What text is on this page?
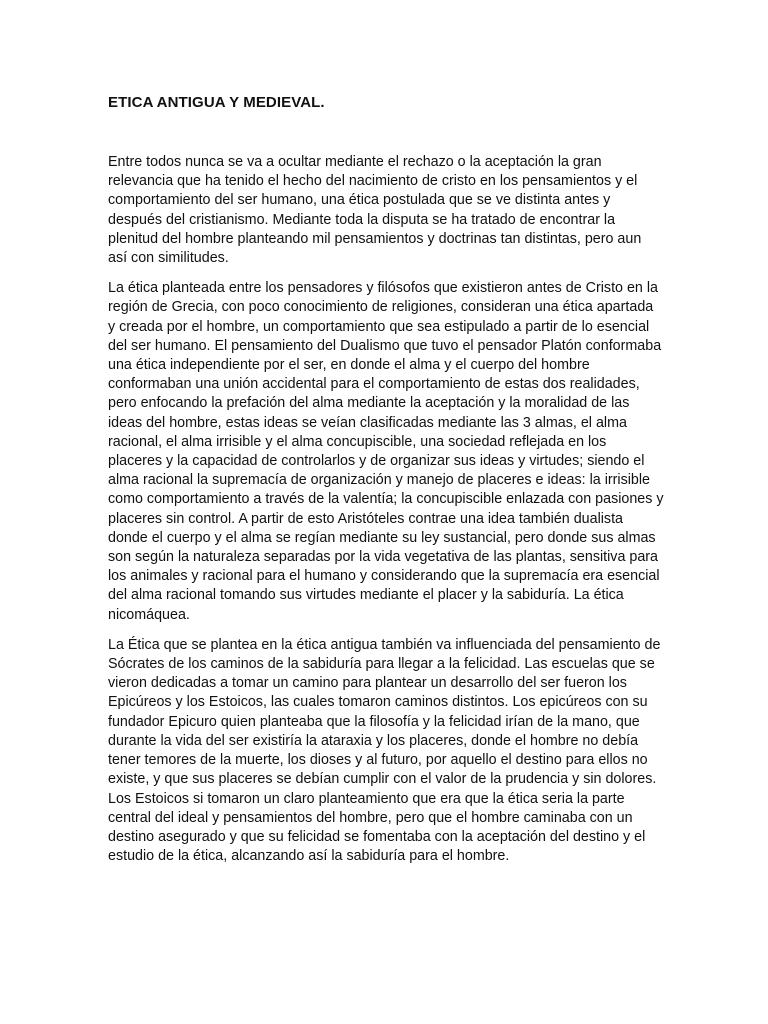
ETICA ANTIGUA Y MEDIEVAL.

Entre todos nunca se va a ocultar mediante el rechazo o la aceptación la gran relevancia que ha tenido el hecho del nacimiento de cristo en los pensamientos y el comportamiento del ser humano, una ética postulada que se ve distinta antes y después del cristianismo. Mediante toda la disputa se ha tratado de encontrar la plenitud del hombre planteando mil pensamientos y doctrinas tan distintas, pero aun así con similitudes.

La ética planteada entre los pensadores y filósofos que existieron antes de Cristo en la región de Grecia, con poco conocimiento de religiones, consideran una ética apartada y creada por el hombre, un comportamiento que sea estipulado a partir de lo esencial del ser humano. El pensamiento del Dualismo que tuvo el pensador Platón conformaba una ética independiente por el ser, en donde el alma y el cuerpo del hombre conformaban una unión accidental para el comportamiento de estas dos realidades, pero enfocando la prefación del alma mediante la aceptación y la moralidad de las ideas del hombre, estas ideas se veían clasificadas mediante las 3 almas, el alma racional, el alma irrisible y el alma concupiscible, una sociedad reflejada en los placeres y la capacidad de controlarlos y de organizar sus ideas y virtudes; siendo el alma racional la supremacía de organización y manejo de placeres e ideas: la irrisible como comportamiento a través de la valentía; la concupiscible enlazada con pasiones y placeres sin control. A partir de esto Aristóteles contrae una idea también dualista donde el cuerpo y el alma se regían mediante su ley sustancial, pero donde sus almas son según la naturaleza separadas por la vida vegetativa de las plantas, sensitiva para los animales y racional para el humano y considerando que la supremacía era esencial del alma racional tomando sus virtudes mediante el placer y la sabiduría. La ética nicomáquea.

La Ética que se plantea en la ética antigua también va influenciada del pensamiento de Sócrates de los caminos de la sabiduría para llegar a la felicidad. Las escuelas que se vieron dedicadas a tomar un camino para plantear un desarrollo del ser fueron los Epicúreos y los Estoicos, las cuales tomaron caminos distintos. Los epicúreos con su fundador Epicuro quien planteaba que la filosofía y la felicidad irían de la mano, que durante la vida del ser existiría la ataraxia y los placeres, donde el hombre no debía tener temores de la muerte, los dioses y al futuro, por aquello el destino para ellos no existe, y que sus placeres se debían cumplir con el valor de la prudencia y sin dolores. Los Estoicos si tomaron un claro planteamiento que era que la ética seria la parte central del ideal y pensamientos del hombre, pero que el hombre caminaba con un destino asegurado y que su felicidad se fomentaba con la aceptación del destino y el estudio de la ética, alcanzando así la sabiduría para el hombre.
